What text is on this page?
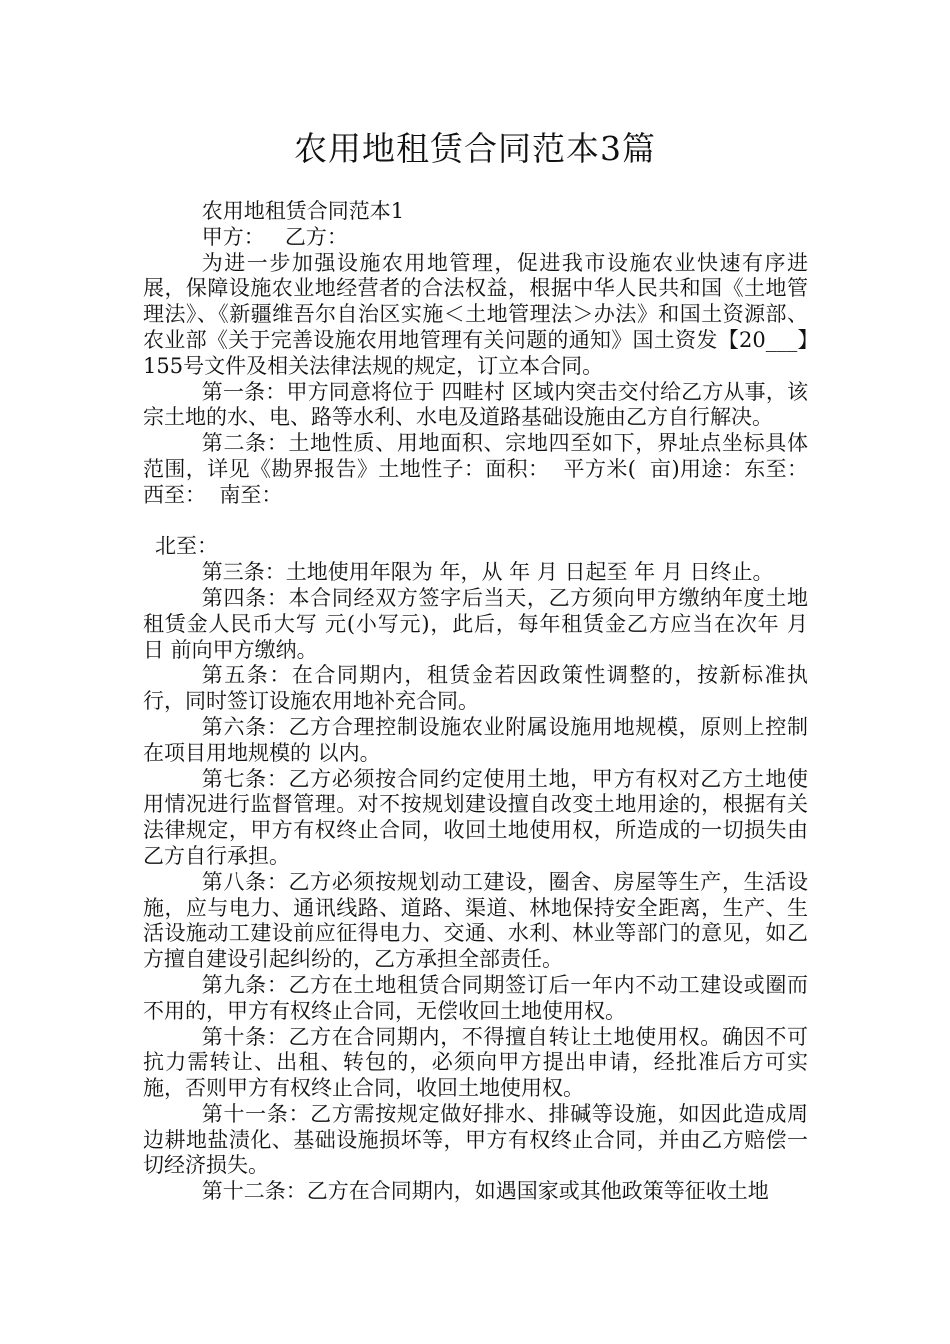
农用地租赁合同范本3篇

农用地租赁合同范本1

甲方：   乙方：

为进一步加强设施农用地管理，促进我市设施农业快速有序进展，保障设施农业地经营者的合法权益，根据中华人民共和国《土地管理法》、《新疆维吾尔自治区实施＜土地管理法＞办法》和国土资源部、农业部《关于完善设施农用地管理有关问题的通知》国土资发【20___】155号文件及相关法律法规的规定，订立本合同。

第一条：甲方同意将位于 四畦村 区域内突击交付给乙方从事，该宗土地的水、电、路等水利、水电及道路基础设施由乙方自行解决。

第二条：土地性质、用地面积、宗地四至如下，界址点坐标具体范围，详见《勘界报告》土地性子：面积：  平方米(  亩)用途：东至：  西至：  南至：

北至：

第三条：土地使用年限为 年，从 年 月 日起至 年 月 日终止。

第四条：本合同经双方签字后当天，乙方须向甲方缴纳年度土地租赁金人民币大写 元(小写元)，此后，每年租赁金乙方应当在次年 月 日 前向甲方缴纳。

第五条：在合同期内，租赁金若因政策性调整的，按新标准执行，同时签订设施农用地补充合同。

第六条：乙方合理控制设施农业附属设施用地规模，原则上控制在项目用地规模的 以内。

第七条：乙方必须按合同约定使用土地，甲方有权对乙方土地使用情况进行监督管理。对不按规划建设擅自改变土地用途的，根据有关法律规定，甲方有权终止合同，收回土地使用权，所造成的一切损失由乙方自行承担。

第八条：乙方必须按规划动工建设，圈舍、房屋等生产，生活设施，应与电力、通讯线路、道路、渠道、林地保持安全距离，生产、生活设施动工建设前应征得电力、交通、水利、林业等部门的意见，如乙方擅自建设引起纠纷的，乙方承担全部责任。

第九条：乙方在土地租赁合同期签订后一年内不动工建设或圈而不用的，甲方有权终止合同，无偿收回土地使用权。

第十条：乙方在合同期内，不得擅自转让土地使用权。确因不可抗力需转让、出租、转包的，必须向甲方提出申请，经批准后方可实施，否则甲方有权终止合同，收回土地使用权。

第十一条：乙方需按规定做好排水、排碱等设施，如因此造成周边耕地盐渍化、基础设施损坏等，甲方有权终止合同，并由乙方赔偿一切经济损失。

第十二条：乙方在合同期内，如遇国家或其他政策等征收土地
